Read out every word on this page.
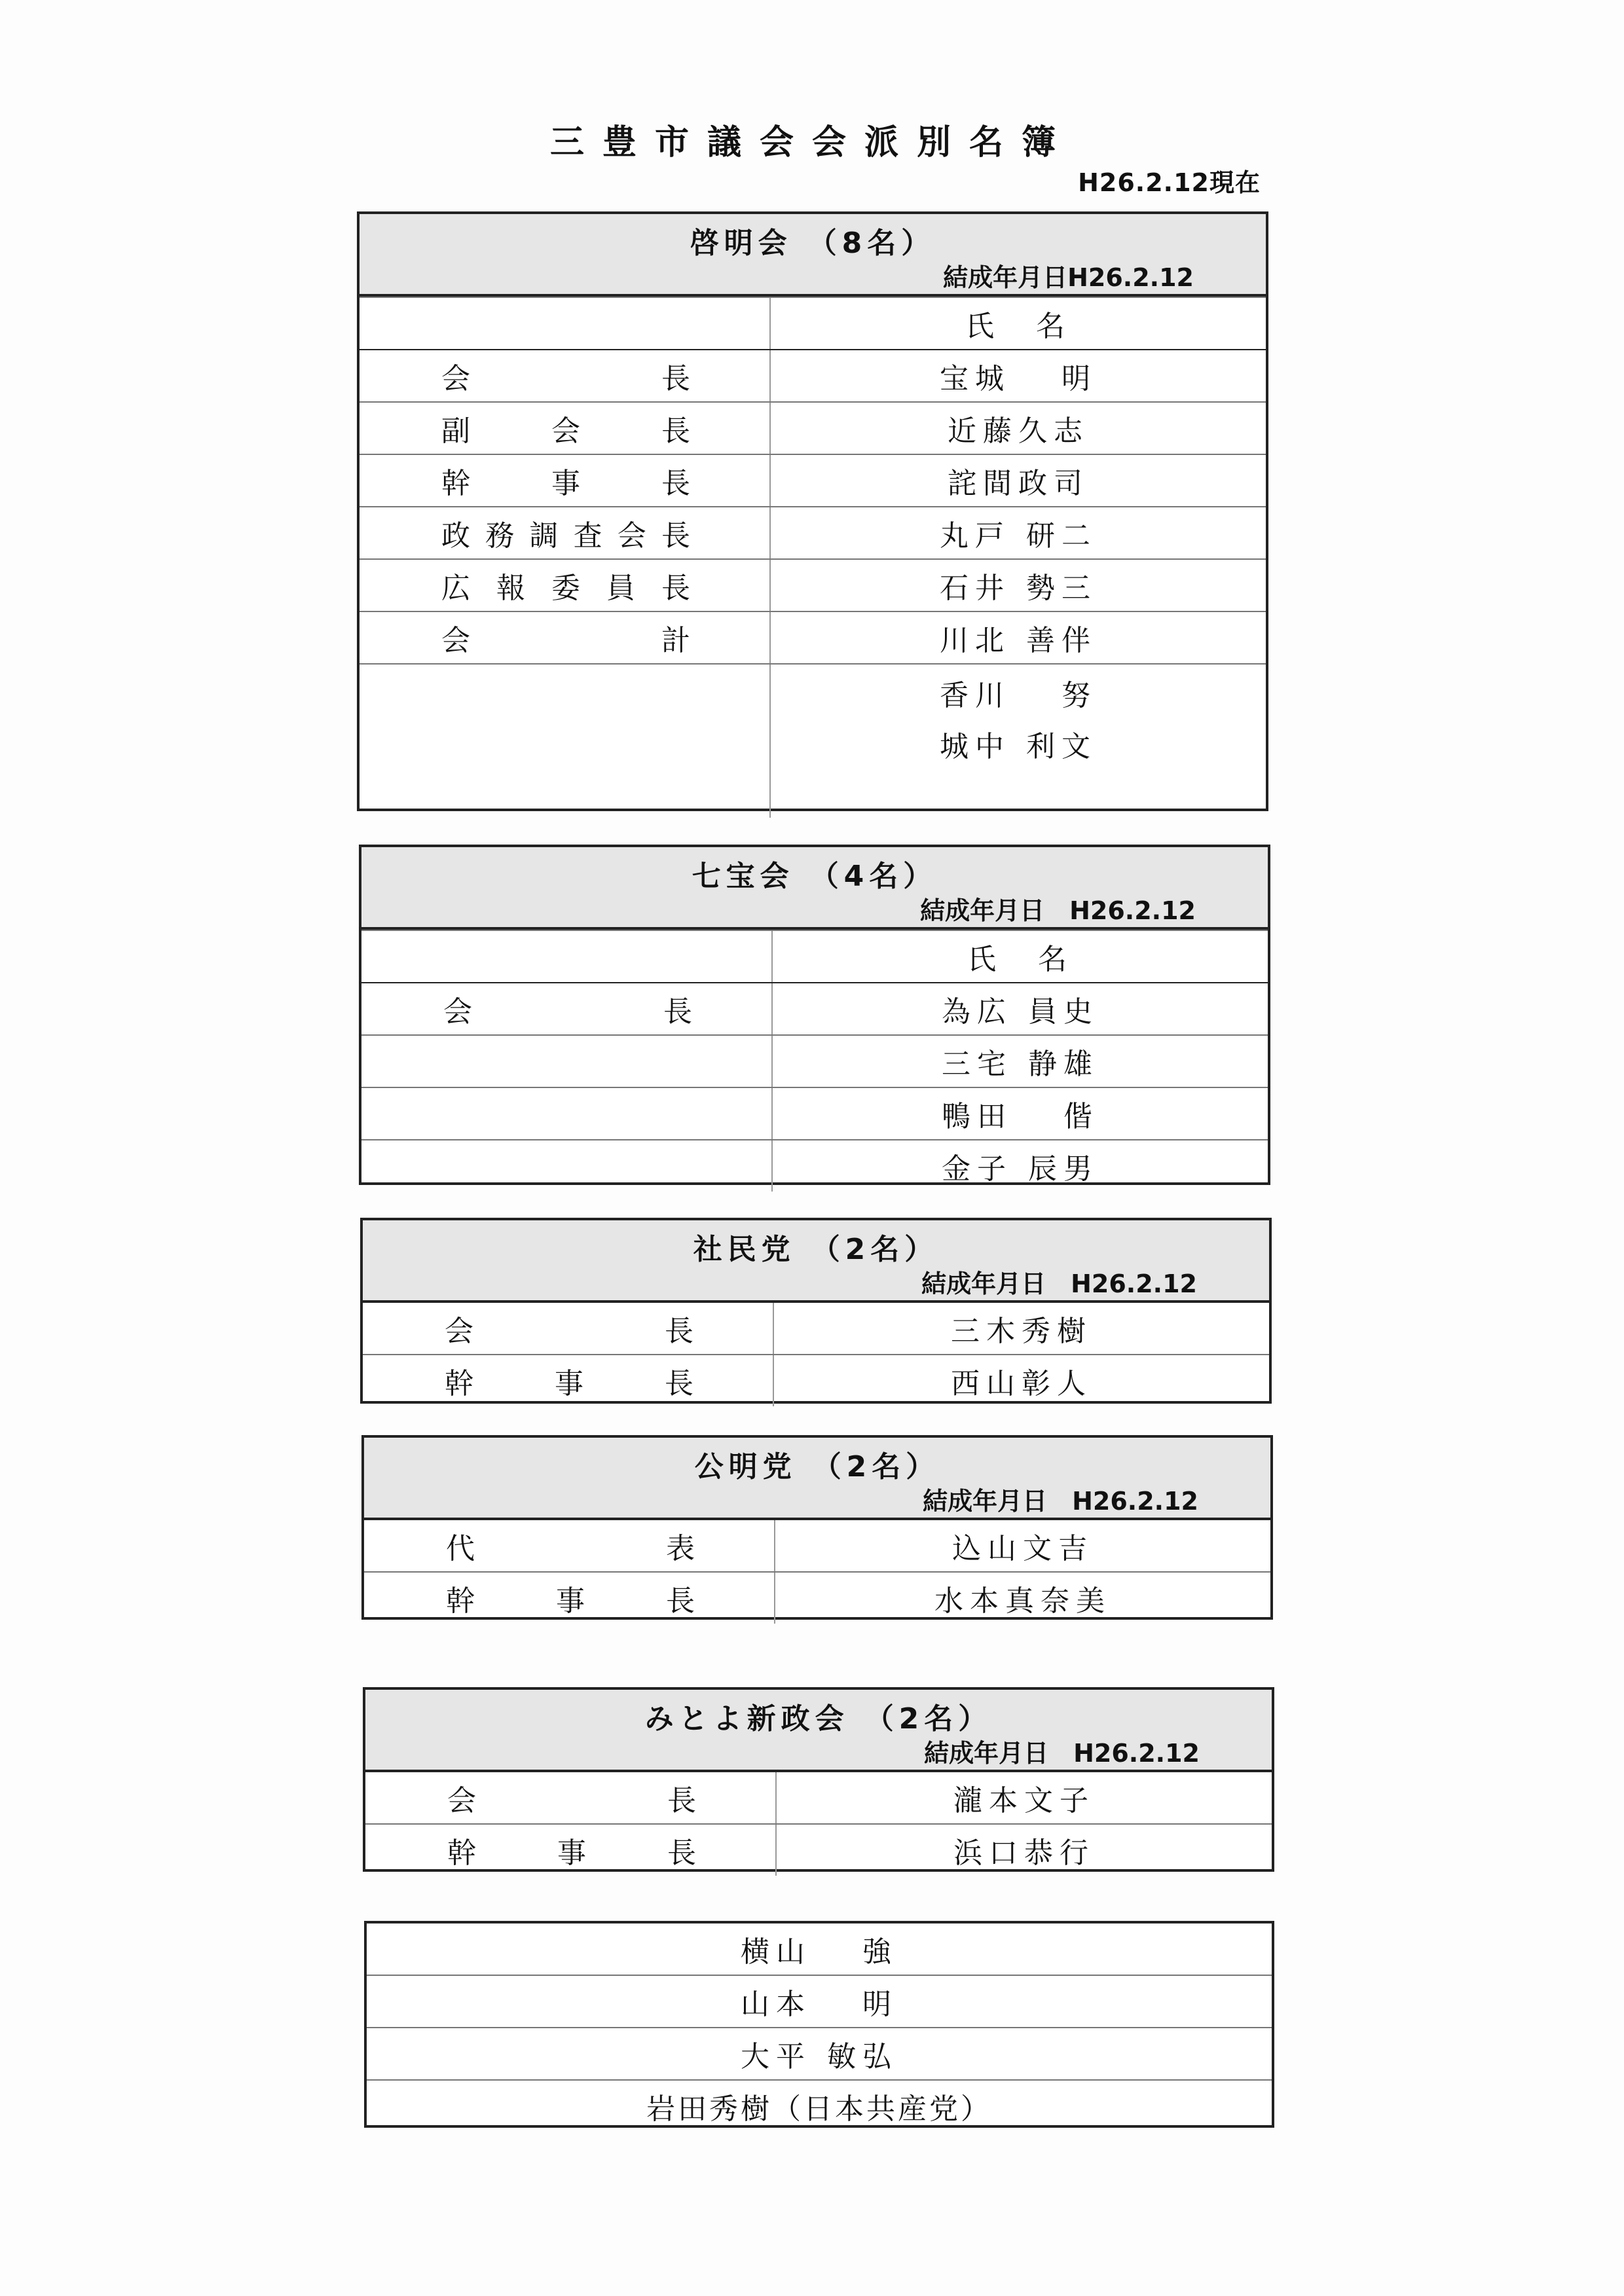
三豊市議会会派別名簿
H26.2.12現在
啓明会 （8名）
結成年月日H26.2.12
氏　名
会	長	宝城　 明
副	会	長	近藤久志
幹	事	長	詫間政司
政 務 調 査 会 長	丸戸 研二
広 報 委 員 長	石井 勢三
会	計	川北 善伴
香川　 努
城中 利文
七宝会 （4名）
結成年月日　H26.2.12
氏　名
会	長	為広 員史
三宅 静雄
鴨田　 偕
金子 辰男
社民党 （2名）
結成年月日　H26.2.12
会	長	三木秀樹
幹	事	長	西山彰人
公明党 （2名）
結成年月日　H26.2.12
代	表	込山文吉
幹	事	長	水本真奈美
みとよ新政会 （2名）
結成年月日　H26.2.12
会	長	瀧本文子
幹	事	長	浜口恭行
横山　 強
山本　 明
大平 敏弘
岩田秀樹（日本共産党）
